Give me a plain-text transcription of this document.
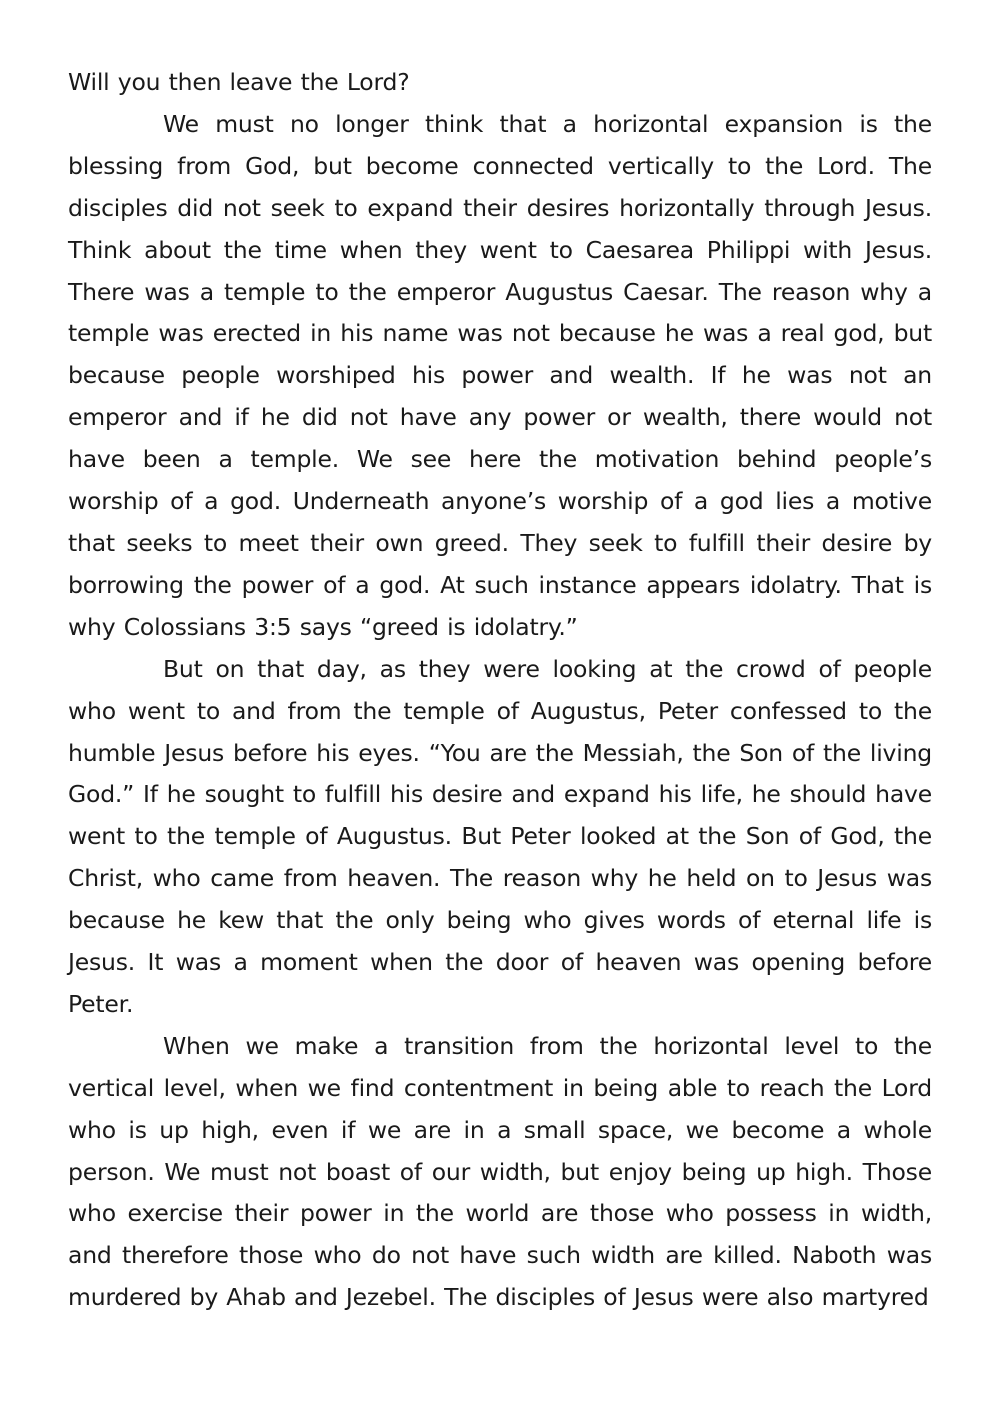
Will you then leave the Lord?

We must no longer think that a horizontal expansion is the blessing from God, but become connected vertically to the Lord. The disciples did not seek to expand their desires horizontally through Jesus. Think about the time when they went to Caesarea Philippi with Jesus. There was a temple to the emperor Augustus Caesar. The reason why a temple was erected in his name was not because he was a real god, but because people worshiped his power and wealth. If he was not an emperor and if he did not have any power or wealth, there would not have been a temple. We see here the motivation behind people’s worship of a god. Underneath anyone’s worship of a god lies a motive that seeks to meet their own greed. They seek to fulfill their desire by borrowing the power of a god. At such instance appears idolatry. That is why Colossians 3:5 says “greed is idolatry.”

But on that day, as they were looking at the crowd of people who went to and from the temple of Augustus, Peter confessed to the humble Jesus before his eyes. “You are the Messiah, the Son of the living God.” If he sought to fulfill his desire and expand his life, he should have went to the temple of Augustus. But Peter looked at the Son of God, the Christ, who came from heaven. The reason why he held on to Jesus was because he kew that the only being who gives words of eternal life is Jesus. It was a moment when the door of heaven was opening before Peter.

When we make a transition from the horizontal level to the vertical level, when we find contentment in being able to reach the Lord who is up high, even if we are in a small space, we become a whole person. We must not boast of our width, but enjoy being up high. Those who exercise their power in the world are those who possess in width, and therefore those who do not have such width are killed. Naboth was murdered by Ahab and Jezebel. The disciples of Jesus were also martyred
